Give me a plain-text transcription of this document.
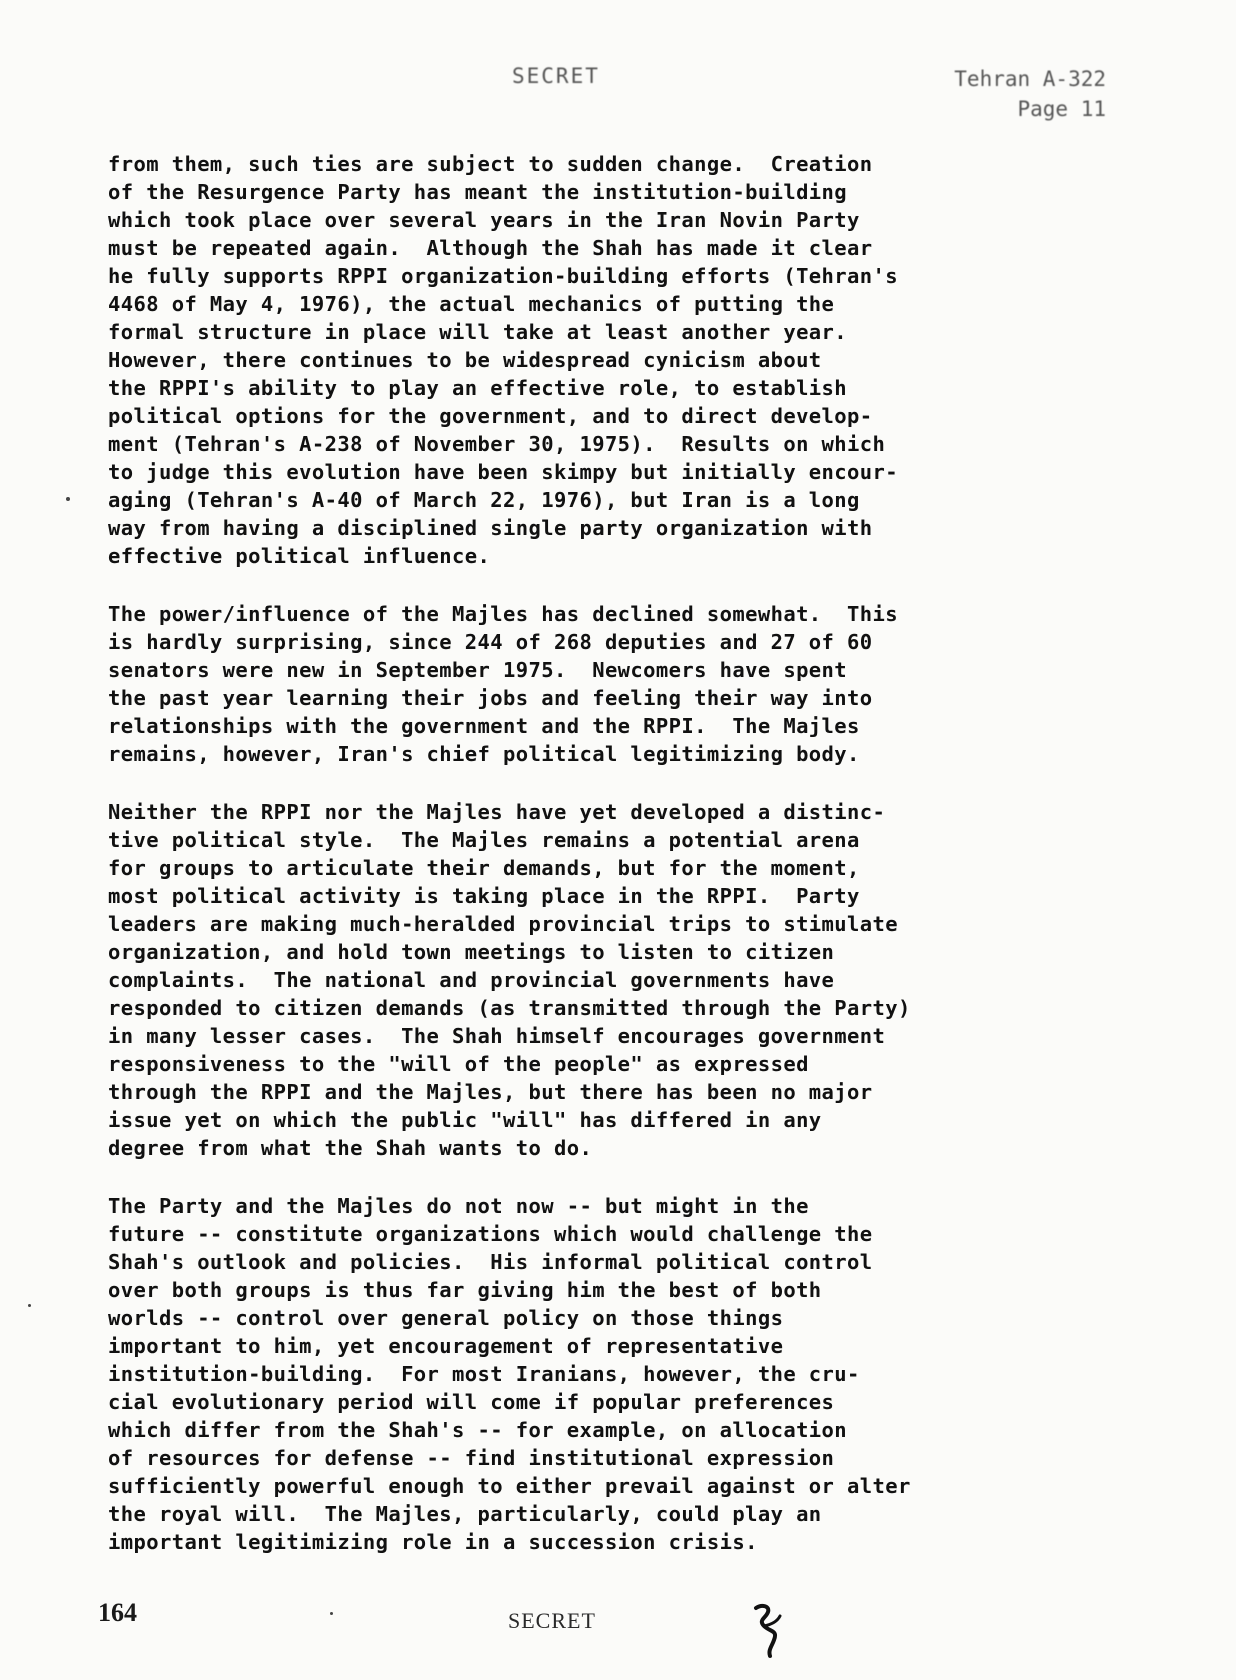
SECRET	Tehran A-322
Page 11

from them, such ties are subject to sudden change.  Creation
of the Resurgence Party has meant the institution-building
which took place over several years in the Iran Novin Party
must be repeated again.  Although the Shah has made it clear
he fully supports RPPI organization-building efforts (Tehran's
4468 of May 4, 1976), the actual mechanics of putting the
formal structure in place will take at least another year.
However, there continues to be widespread cynicism about
the RPPI's ability to play an effective role, to establish
political options for the government, and to direct develop-
ment (Tehran's A-238 of November 30, 1975).  Results on which
to judge this evolution have been skimpy but initially encour-
aging (Tehran's A-40 of March 22, 1976), but Iran is a long
way from having a disciplined single party organization with
effective political influence.

The power/influence of the Majles has declined somewhat.  This
is hardly surprising, since 244 of 268 deputies and 27 of 60
senators were new in September 1975.  Newcomers have spent
the past year learning their jobs and feeling their way into
relationships with the government and the RPPI.  The Majles
remains, however, Iran's chief political legitimizing body.

Neither the RPPI nor the Majles have yet developed a distinc-
tive political style.  The Majles remains a potential arena
for groups to articulate their demands, but for the moment,
most political activity is taking place in the RPPI.  Party
leaders are making much-heralded provincial trips to stimulate
organization, and hold town meetings to listen to citizen
complaints.  The national and provincial governments have
responded to citizen demands (as transmitted through the Party)
in many lesser cases.  The Shah himself encourages government
responsiveness to the "will of the people" as expressed
through the RPPI and the Majles, but there has been no major
issue yet on which the public "will" has differed in any
degree from what the Shah wants to do.

The Party and the Majles do not now -- but might in the
future -- constitute organizations which would challenge the
Shah's outlook and policies.  His informal political control
over both groups is thus far giving him the best of both
worlds -- control over general policy on those things
important to him, yet encouragement of representative
institution-building.  For most Iranians, however, the cru-
cial evolutionary period will come if popular preferences
which differ from the Shah's -- for example, on allocation
of resources for defense -- find institutional expression
sufficiently powerful enough to either prevail against or alter
the royal will.  The Majles, particularly, could play an
important legitimizing role in a succession crisis.

164	SECRET
